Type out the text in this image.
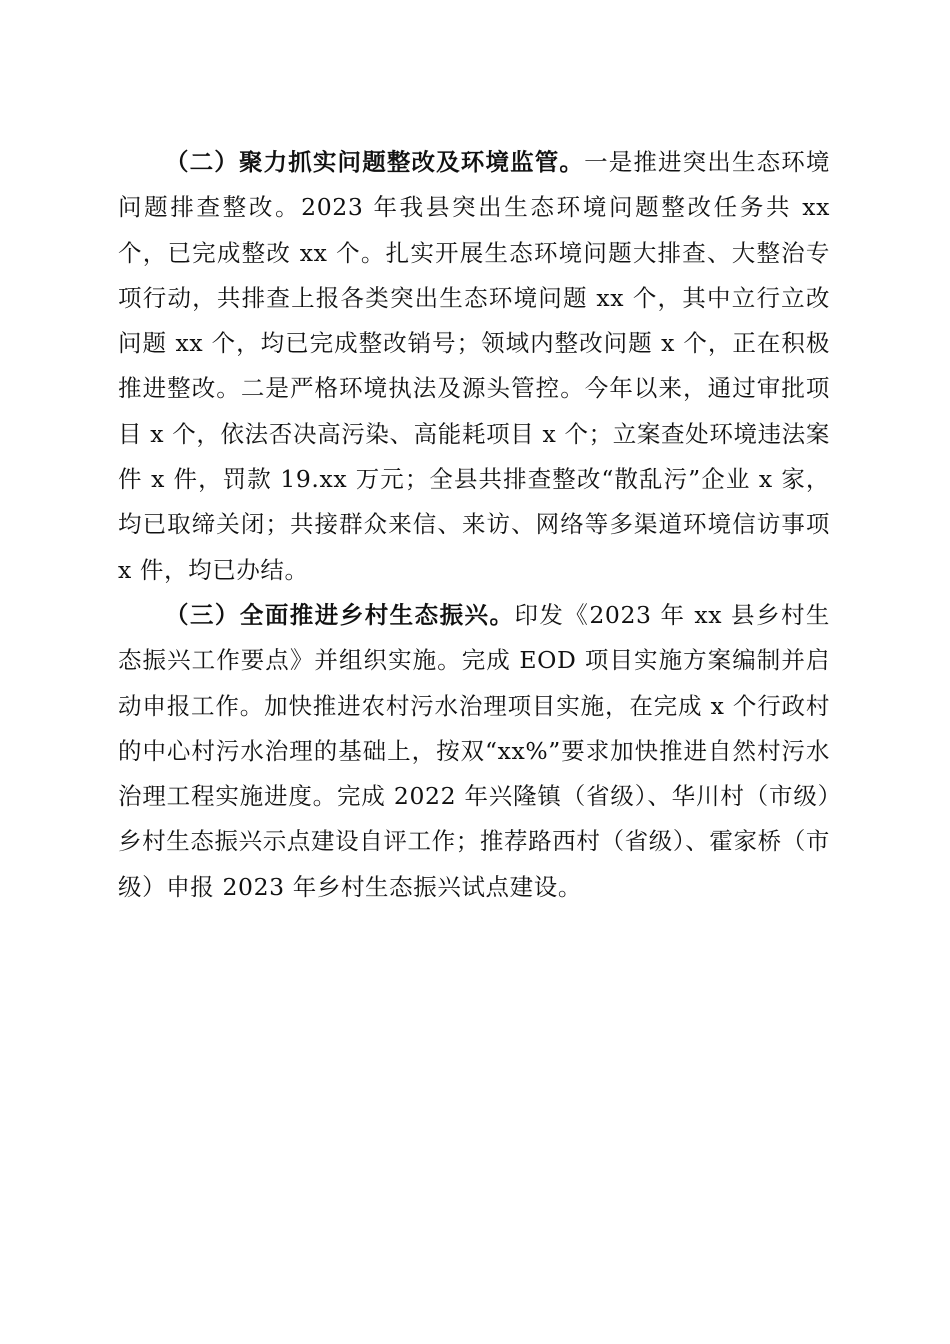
（二）聚力抓实问题整改及环境监管。一是推进突出生态环境问题排查整改。2023 年我县突出生态环境问题整改任务共 xx 个，已完成整改 xx 个。扎实开展生态环境问题大排查、大整治专项行动，共排查上报各类突出生态环境问题 xx 个，其中立行立改问题 xx 个，均已完成整改销号；领域内整改问题 x 个，正在积极推进整改。二是严格环境执法及源头管控。今年以来，通过审批项目 x 个，依法否决高污染、高能耗项目 x 个；立案查处环境违法案件 x 件，罚款 19.xx 万元；全县共排查整改“散乱污”企业 x 家，均已取缔关闭；共接群众来信、来访、网络等多渠道环境信访事项 x 件，均已办结。

（三）全面推进乡村生态振兴。印发《2023 年 xx 县乡村生态振兴工作要点》并组织实施。完成 EOD 项目实施方案编制并启动申报工作。加快推进农村污水治理项目实施，在完成 x 个行政村的中心村污水治理的基础上，按双“xx%”要求加快推进自然村污水治理工程实施进度。完成 2022 年兴隆镇（省级）、华川村（市级）乡村生态振兴示点建设自评工作；推荐路西村（省级）、霍家桥（市级）申报 2023 年乡村生态振兴试点建设。
